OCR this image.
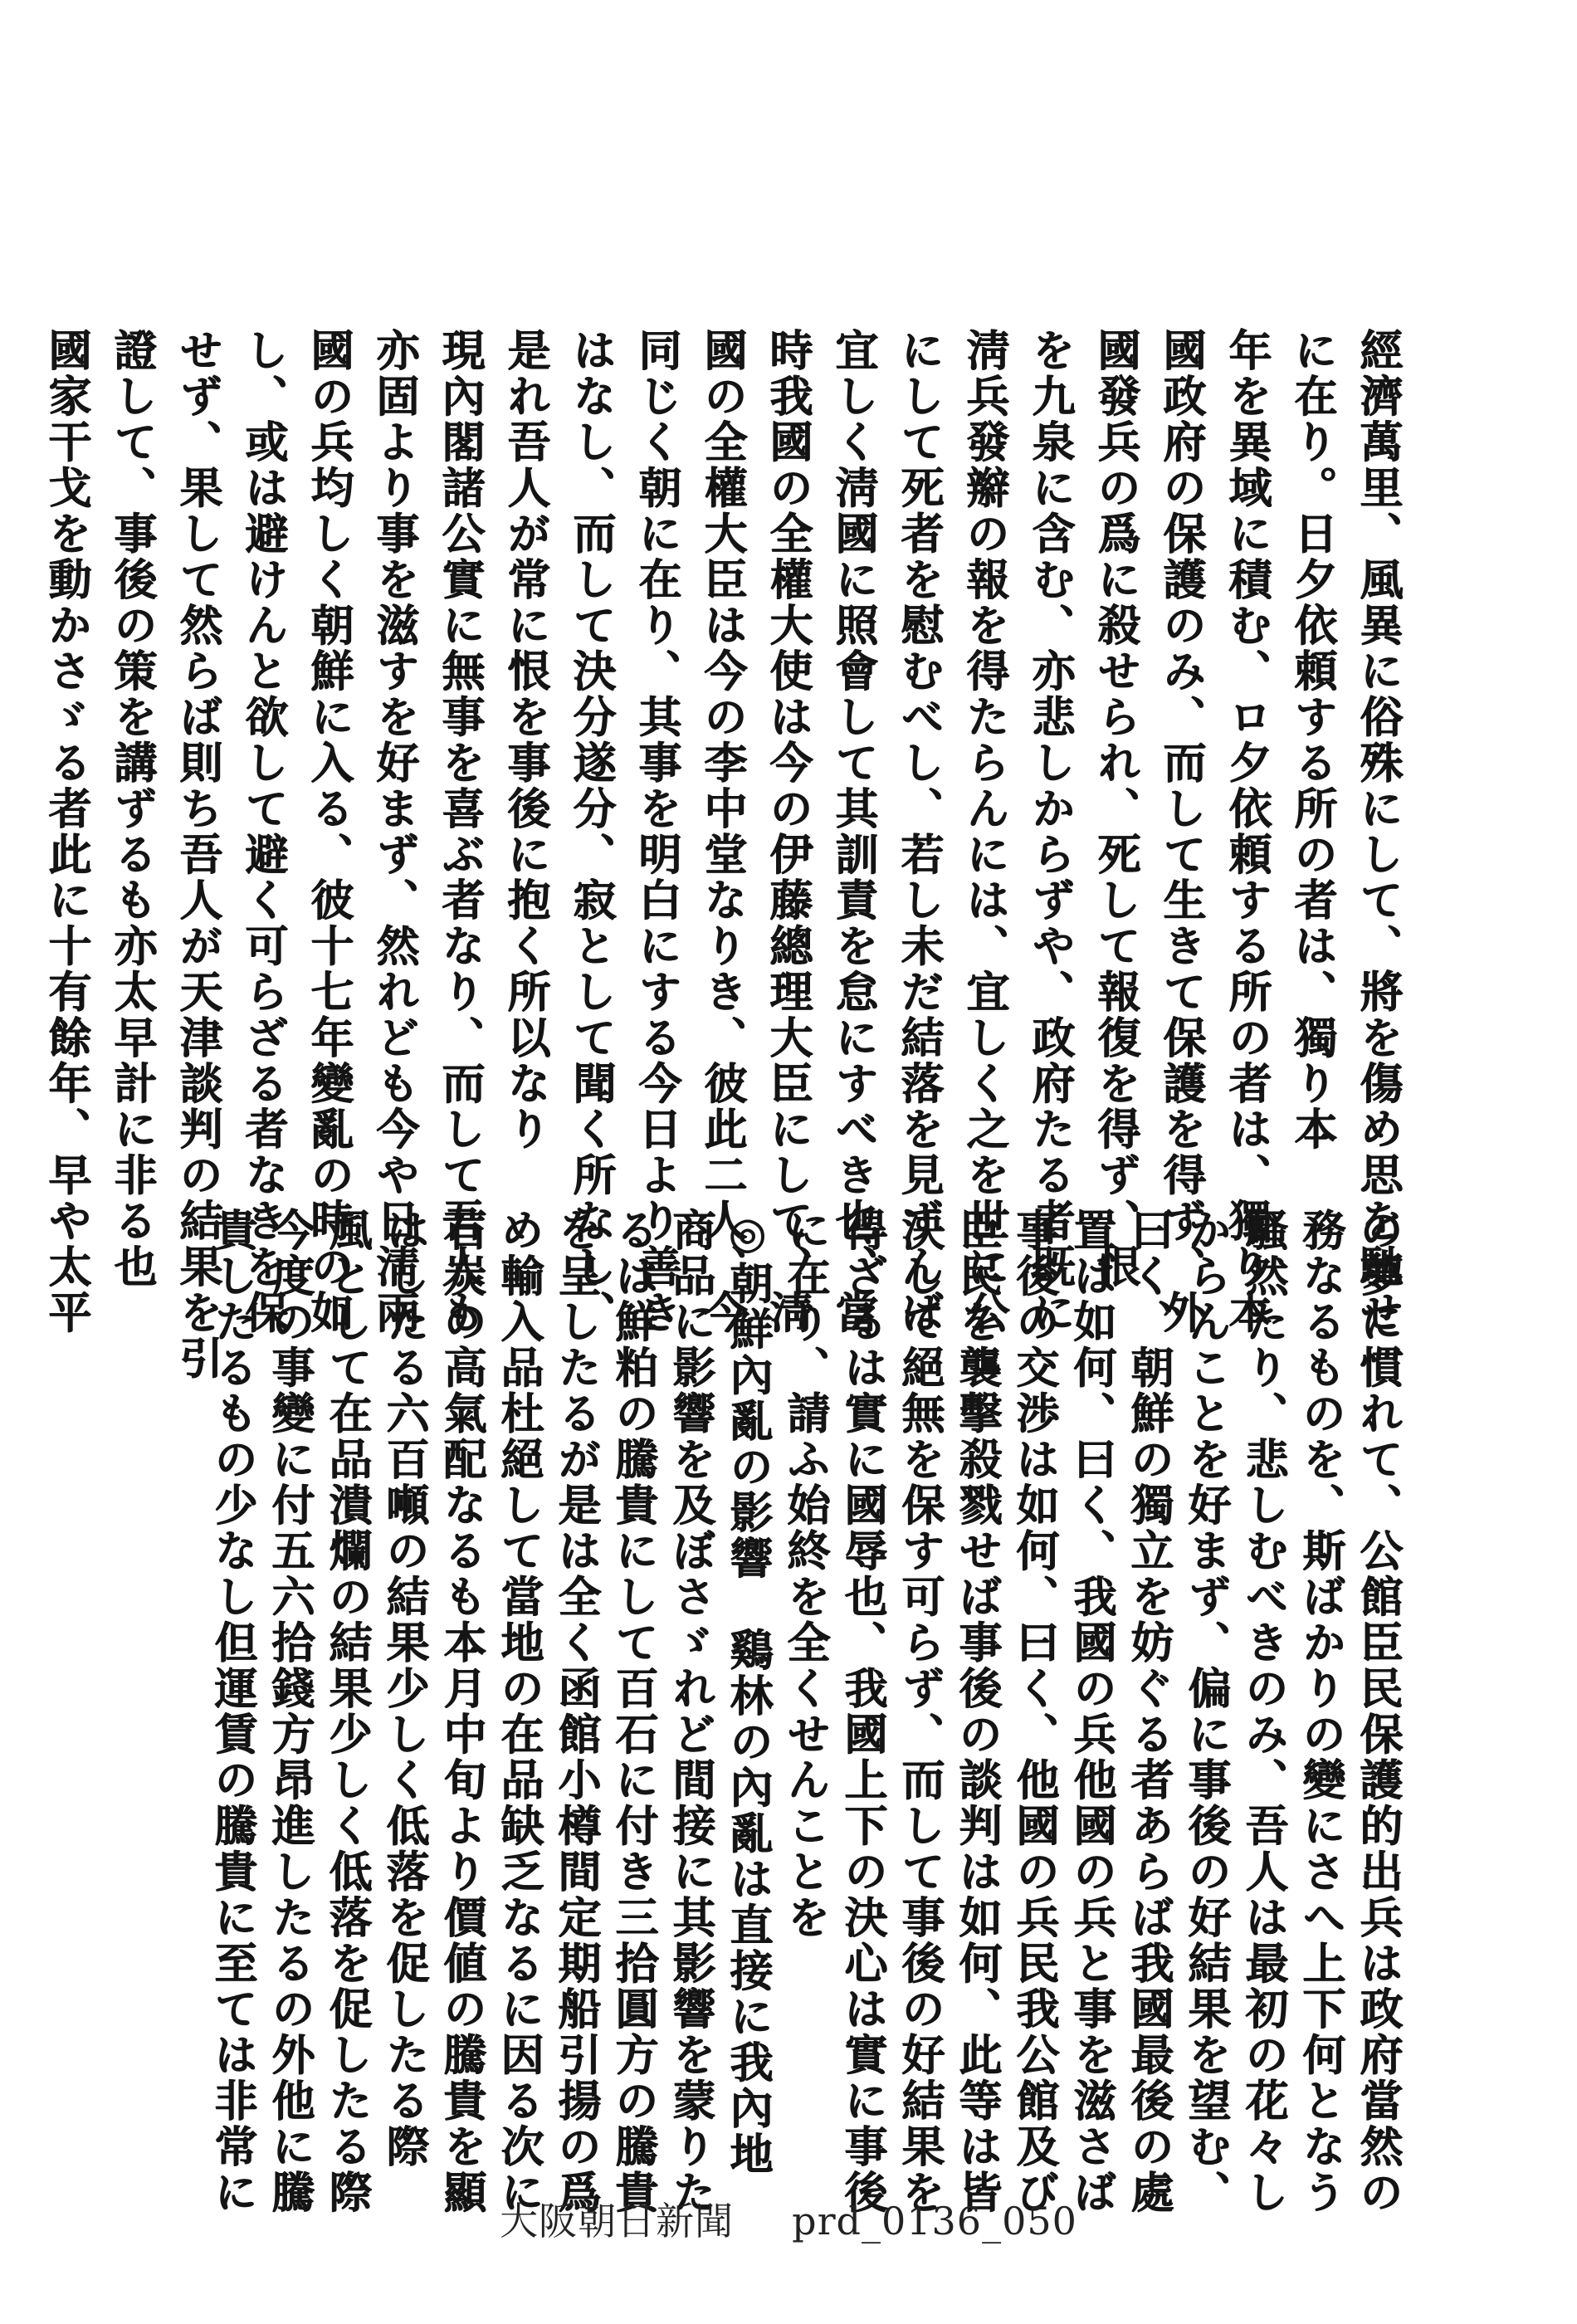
經濟萬里、風異に俗殊にして、將を傷め思を馳せ
に在り。日夕依頼する所の者は、獨り本
年を異域に積む、ロ夕依頼する所の者は、獨り本
國政府の保護のみ、而して生きて保護を得ず、外
國發兵の爲に殺せられ、死して報復を得ず、恨
を九泉に含む、亦悲しからずや、政府たる者既に
淸兵發辮の報を得たらんには、宜しく之を世に公
にして死者を慰むべし、若し未だ結落を見ずんば
宜しく淸國に照會して其訓責を怠にすべき也、當
時我國の全權大使は今の伊藤總理大臣にして、淸
國の全權大臣は今の李中堂なりき、彼此二人、今
同じく朝に在り、其事を明白にする今日より善き
はなし、而して決分遂分、寂として聞く所なし、
是れ吾人が常に恨を事後に抱く所以なり
現內閣諸公實に無事を喜ぶ者なり、而して吾人も
亦固より事を滋すを好まず、然れども今や日淸兩
國の兵均しく朝鮮に入る、彼十七年變亂の時の如
し、或は避けんと欲して避く可らざる者なきを保
せず、果して然らば則ち吾人が天津談判の結果を引
證して、事後の策を講ずるも亦太早計に非る也
國家干戈を動かさゞる者此に十有餘年、早や太平
の夢に慣れて、公館臣民保護的出兵は政府當然の
務なるものを、斯ばかりの變にさへ上下何となう
騷然たり、悲しむべきのみ、吾人は最初の花々し
からんことを好まず、偏に事後の好結果を望む、
曰く、朝鮮の獨立を妨ぐる者あらば我國最後の處
置は如何、曰く、我國の兵他國の兵と事を滋さば
事後の交渉は如何、曰く、他國の兵民我公館及び
臣民を襲擊殺戮せば事後の談判は如何、此等は皆
決して絕無を保す可らず、而して事後の好結果を
得ざるは實に國辱也、我國上下の決心は實に事後
に在り、請ふ始終を全くせんことを
◎朝鮮內亂の影響　鷄林の內亂は直接に我內地
商品に影響を及ぼさゞれど間接に其影響を蒙りた
るは鮮粕の騰貴にして百石に付き三拾圓方の騰貴
を呈したるが是は全く函館小樽間定期船引揚の爲
め輸入品杜絕して當地の在品缺乏なるに因る次に
石炭の高氣配なるも本月中旬より價値の騰貴を顯
はしたる六百噸の結果少しく低落を促したる際
風として在品潰爛の結果少しく低落を促したる際
今度の事變に付五六拾錢方昂進したるの外他に騰
貴したるもの少なし但運賃の騰貴に至ては非常に
大阪朝日新聞 prd_0136_050
